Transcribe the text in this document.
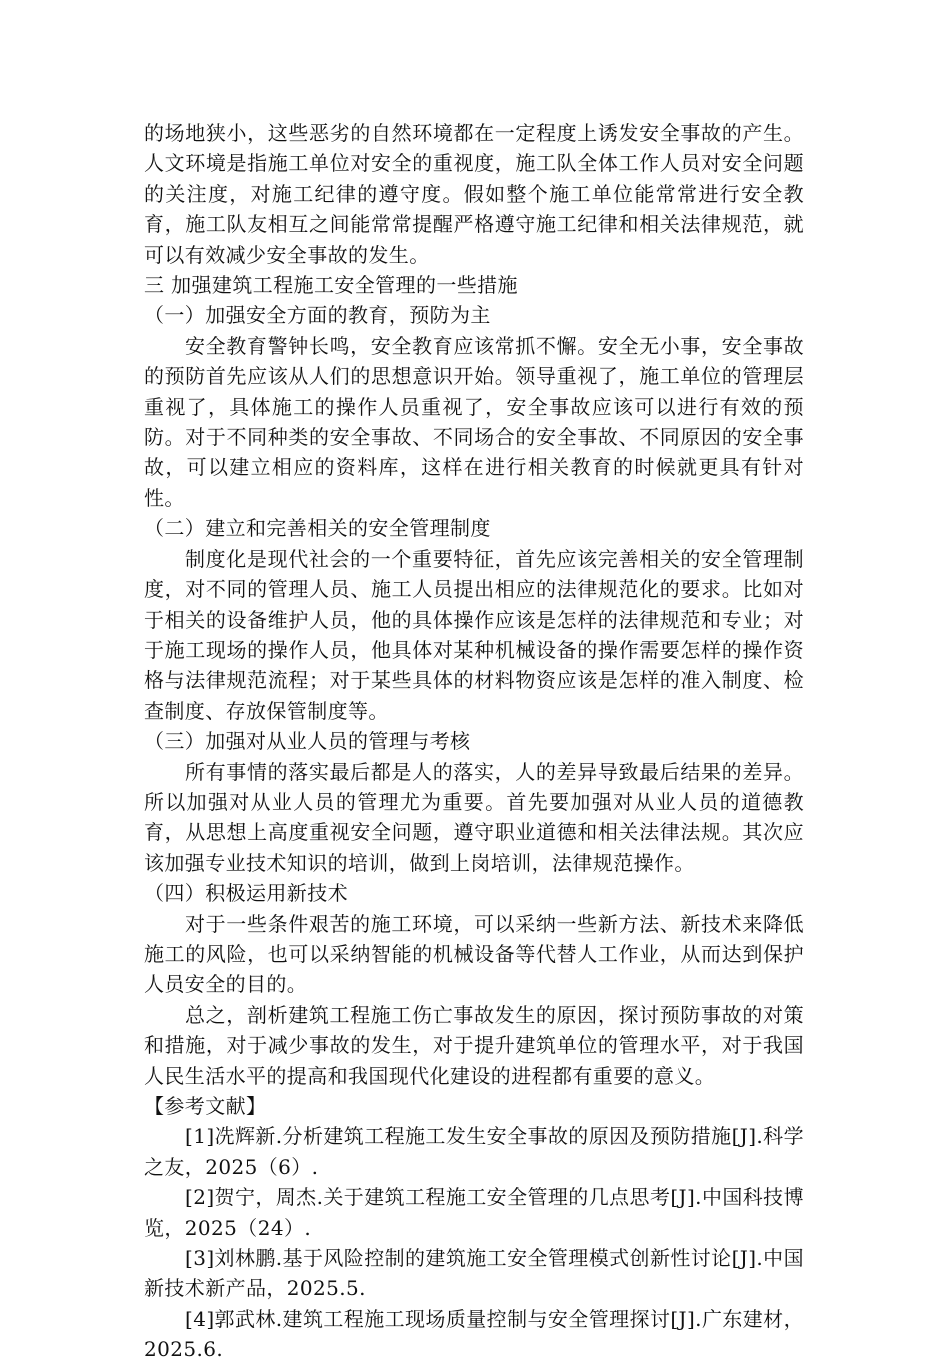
的场地狭小，这些恶劣的自然环境都在一定程度上诱发安全事故的产生。人文环境是指施工单位对安全的重视度，施工队全体工作人员对安全问题的关注度，对施工纪律的遵守度。假如整个施工单位能常常进行安全教育，施工队友相互之间能常常提醒严格遵守施工纪律和相关法律规范，就可以有效减少安全事故的发生。

三 加强建筑工程施工安全管理的一些措施

（一）加强安全方面的教育，预防为主

安全教育警钟长鸣，安全教育应该常抓不懈。安全无小事，安全事故的预防首先应该从人们的思想意识开始。领导重视了，施工单位的管理层重视了，具体施工的操作人员重视了，安全事故应该可以进行有效的预防。对于不同种类的安全事故、不同场合的安全事故、不同原因的安全事故，可以建立相应的资料库，这样在进行相关教育的时候就更具有针对性。

（二）建立和完善相关的安全管理制度

制度化是现代社会的一个重要特征，首先应该完善相关的安全管理制度，对不同的管理人员、施工人员提出相应的法律规范化的要求。比如对于相关的设备维护人员，他的具体操作应该是怎样的法律规范和专业；对于施工现场的操作人员，他具体对某种机械设备的操作需要怎样的操作资格与法律规范流程；对于某些具体的材料物资应该是怎样的准入制度、检查制度、存放保管制度等。

（三）加强对从业人员的管理与考核

所有事情的落实最后都是人的落实，人的差异导致最后结果的差异。所以加强对从业人员的管理尤为重要。首先要加强对从业人员的道德教育，从思想上高度重视安全问题，遵守职业道德和相关法律法规。其次应该加强专业技术知识的培训，做到上岗培训，法律规范操作。

（四）积极运用新技术

对于一些条件艰苦的施工环境，可以采纳一些新方法、新技术来降低施工的风险，也可以采纳智能的机械设备等代替人工作业，从而达到保护人员安全的目的。

总之，剖析建筑工程施工伤亡事故发生的原因，探讨预防事故的对策和措施，对于减少事故的发生，对于提升建筑单位的管理水平，对于我国人民生活水平的提高和我国现代化建设的进程都有重要的意义。

【参考文献】

[1]冼辉新.分析建筑工程施工发生安全事故的原因及预防措施[J].科学之友，2025（6）.

[2]贺宁，周杰.关于建筑工程施工安全管理的几点思考[J].中国科技博览，2025（24）.

[3]刘林鹏.基于风险控制的建筑施工安全管理模式创新性讨论[J].中国新技术新产品，2025.5.

[4]郭武林.建筑工程施工现场质量控制与安全管理探讨[J].广东建材，2025.6.
